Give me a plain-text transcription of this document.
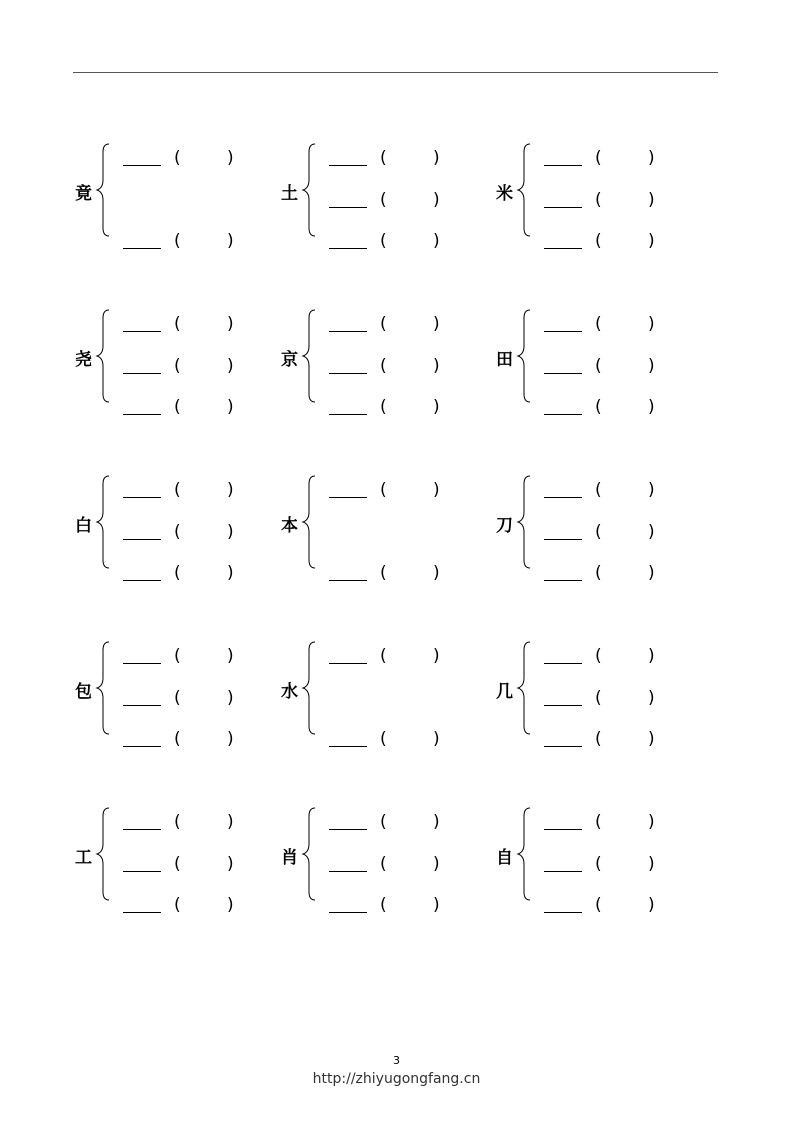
竟
(	)
(	)
土
(	)
(	)
(	)
米
(	)
(	)
(	)
尧
(	)
(	)
(	)
京
(	)
(	)
(	)
田
(	)
(	)
(	)
白
(	)
(	)
(	)
本
(	)
(	)
刀
(	)
(	)
(	)
包
(	)
(	)
(	)
水
(	)
(	)
几
(	)
(	)
(	)
工
(	)
(	)
(	)
肖
(	)
(	)
(	)
自
(	)
(	)
(	)
3
http://zhiyugongfang.cn
